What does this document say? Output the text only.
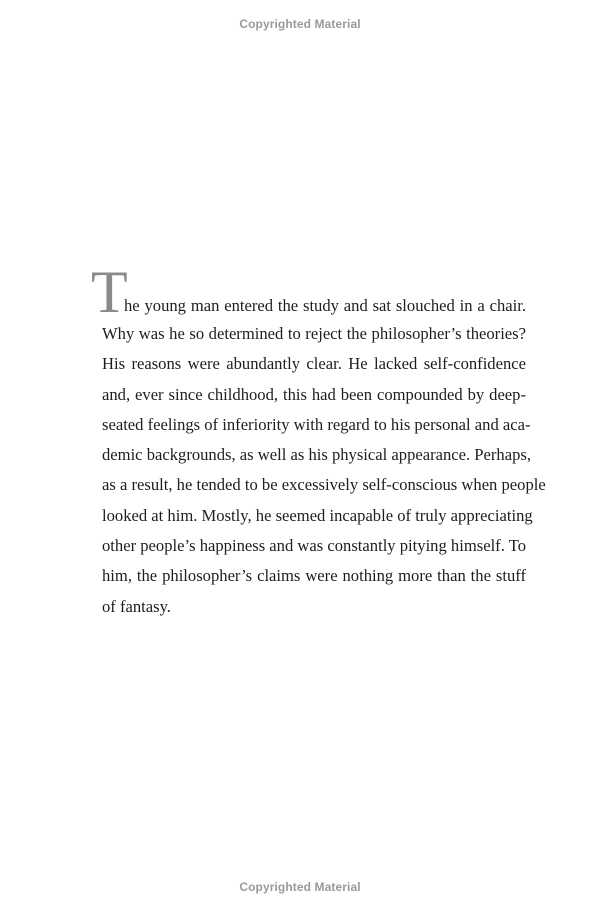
Copyrighted Material
T
he young man entered the study and sat slouched in a chair.
Why was he so determined to reject the philosopher’s theories?
His reasons were abundantly clear. He lacked self-confidence
and, ever since childhood, this had been compounded by deep-
seated feelings of inferiority with regard to his personal and aca-
demic backgrounds, as well as his physical appearance. Perhaps,
as a result, he tended to be excessively self-conscious when people
looked at him. Mostly, he seemed incapable of truly appreciating
other people’s happiness and was constantly pitying himself. To
him, the philosopher’s claims were nothing more than the stuff
of fantasy.
Copyrighted Material
